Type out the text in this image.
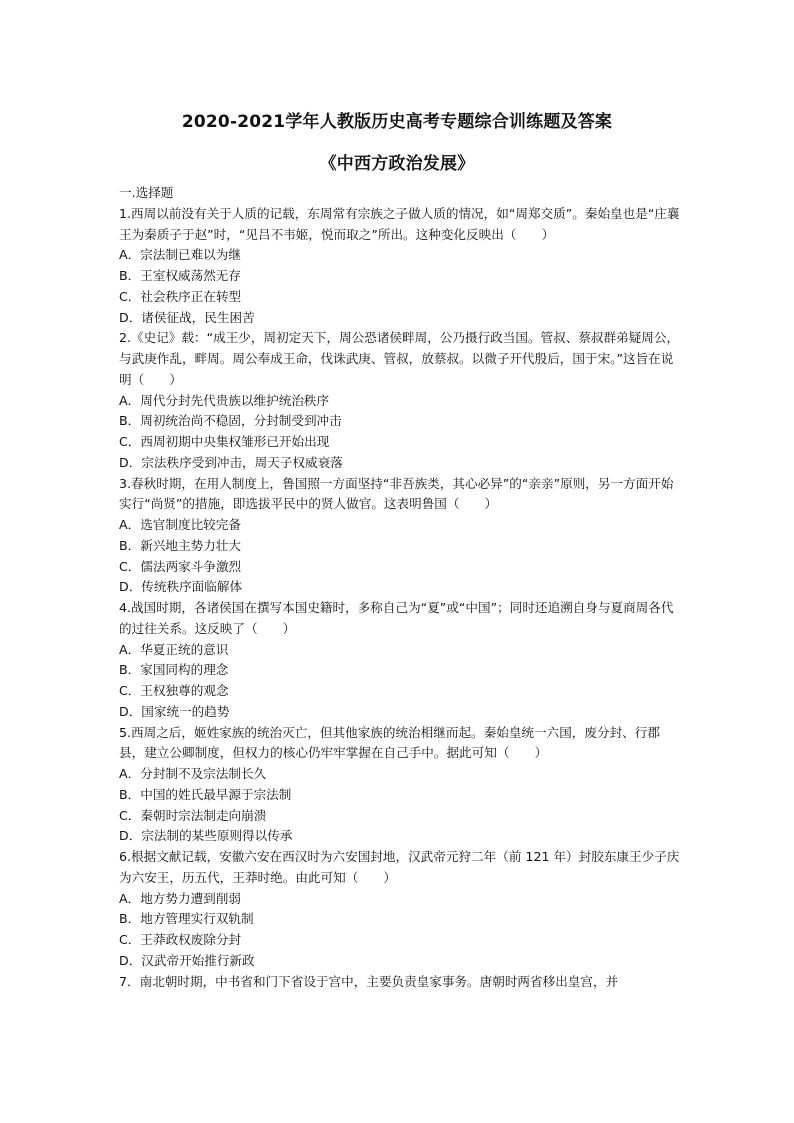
2020-2021学年人教版历史高考专题综合训练题及答案
《中西方政治发展》

一.选择题

1.西周以前没有关于人质的记载，东周常有宗族之子做人质的情况，如“周郑交质”。秦始皇也是“庄襄王为秦质子于赵”时，“见吕不韦姬，悦而取之”所出。这种变化反映出（　　）

A．宗法制已难以为继

B．王室权威荡然无存

C．社会秩序正在转型

D．诸侯征战，民生困苦

2.《史记》载：“成王少，周初定天下，周公恐诸侯畔周，公乃摄行政当国。管叔、蔡叔群弟疑周公，与武庚作乱，畔周。周公奉成王命，伐诛武庚、管叔，放蔡叔。以微子开代殷后，国于宋。”这旨在说明（　　）

A．周代分封先代贵族以维护统治秩序

B．周初统治尚不稳固，分封制受到冲击

C．西周初期中央集权雏形已开始出现

D．宗法秩序受到冲击，周天子权威衰落

3.春秋时期，在用人制度上，鲁国照一方面坚持“非吾族类，其心必异”的“亲亲”原则，另一方面开始实行“尚贤”的措施，即选拔平民中的贤人做官。这表明鲁国（　　）

A．选官制度比较完备

B．新兴地主势力壮大

C．儒法两家斗争激烈

D．传统秩序面临解体

4.战国时期，各诸侯国在撰写本国史籍时，多称自己为“夏”或“中国”；同时还追溯自身与夏商周各代的过往关系。这反映了（　　）

A．华夏正统的意识

B．家国同构的理念

C．王权独尊的观念

D．国家统一的趋势

5.西周之后，姬姓家族的统治灭亡，但其他家族的统治相继而起。秦始皇统一六国，废分封、行郡县，建立公卿制度，但权力的核心仍牢牢掌握在自己手中。据此可知（　　）

A．分封制不及宗法制长久

B．中国的姓氏最早源于宗法制

C．秦朝时宗法制走向崩溃

D．宗法制的某些原则得以传承

6.根据文献记载，安徽六安在西汉时为六安国封地，汉武帝元狩二年（前 121 年）封胶东康王少子庆为六安王，历五代，王莽时绝。由此可知（　　）

A．地方势力遭到削弱

B．地方管理实行双轨制

C．王莽政权废除分封

D．汉武帝开始推行新政

7．南北朝时期，中书省和门下省设于宫中，主要负责皇家事务。唐朝时两省移出皇宫，并
